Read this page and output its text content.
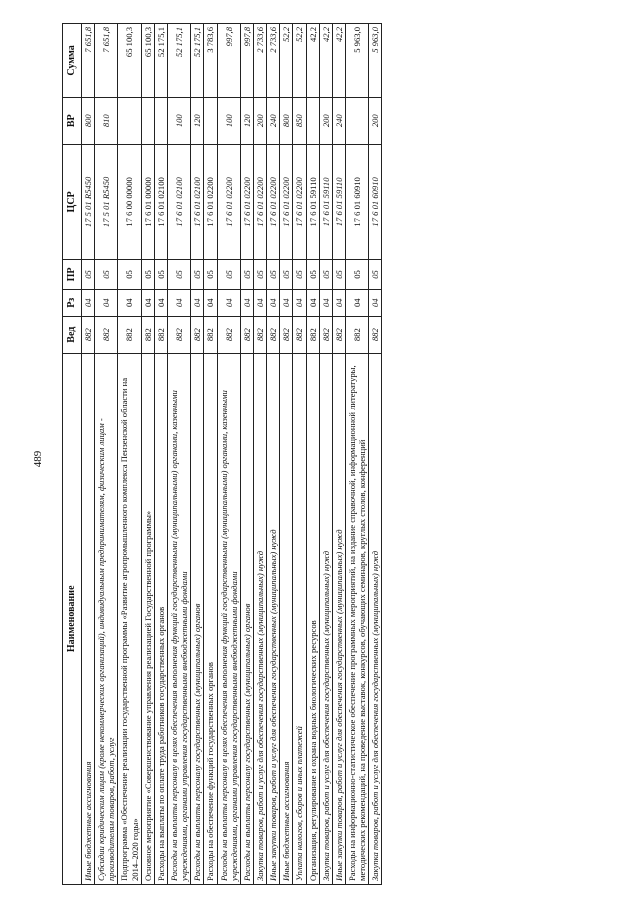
489
Наименование	Вед	Рз	ПР	ЦСР	ВР	Сумма
Иные бюджетные ассигнования	882	04	05	17 5 01 R5450	800	7 651,8
Субсидии юридическим лицам (кроме некоммерческих организаций), индивидуальным предпринимателям, физическим лицам - производителям товаров, работ, услуг	882	04	05	17 5 01 R5450	810	7 651,8
Подпрограмма «Обеспечение реализации государственной программы «Развитие агропромышленного комплекса Пензенской области на 2014–2020 годы»	882	04	05	17 6 00 00000		65 100,3
Основное мероприятие «Совершенствование управления реализацией Государственной программы»	882	04	05	17 6 01 00000		65 100,3
Расходы на выплаты по оплате труда работников государственных органов	882	04	05	17 6 01 02100		52 175,1
Расходы на выплаты персоналу в целях обеспечения выполнения функций государственными (муниципальными) органами, казенными учреждениями, органами управления государственными внебюджетными фондами	882	04	05	17 6 01 02100	100	52 175,1
Расходы на выплаты персоналу государственных (муниципальных) органов	882	04	05	17 6 01 02100	120	52 175,1
Расходы на обеспечение функций государственных органов	882	04	05	17 6 01 02200		3 783,6
Расходы на выплаты персоналу в целях обеспечения выполнения функций государственными (муниципальными) органами, казенными учреждениями, органами управления государственными внебюджетными фондами	882	04	05	17 6 01 02200	100	997,8
Расходы на выплаты персоналу государственных (муниципальных) органов	882	04	05	17 6 01 02200	120	997,8
Закупка товаров, работ и услуг для обеспечения государственных (муниципальных) нужд	882	04	05	17 6 01 02200	200	2 733,6
Иные закупки товаров, работ и услуг для обеспечения государственных (муниципальных) нужд	882	04	05	17 6 01 02200	240	2 733,6
Иные бюджетные ассигнования	882	04	05	17 6 01 02200	800	52,2
Уплата налогов, сборов и иных платежей	882	04	05	17 6 01 02200	850	52,2
Организация, регулирование и охрана водных биологических ресурсов	882	04	05	17 6 01 59110		42,2
Закупка товаров, работ и услуг для обеспечения государственных (муниципальных) нужд	882	04	05	17 6 01 59110	200	42,2
Иные закупки товаров, работ и услуг для обеспечения государственных (муниципальных) нужд	882	04	05	17 6 01 59110	240	42,2
Расходы на информационно-статистическое обеспечение программных мероприятий, на издание справочной, информационной литературы, методических рекомендаций, на проведение выставок, конкурсов, обучающих семинаров, круглых столов, конференций	882	04	05	17 6 01 60910		5 963,0
Закупка товаров, работ и услуг для обеспечения государственных (муниципальных) нужд	882	04	05	17 6 01 60910	200	5 963,0
